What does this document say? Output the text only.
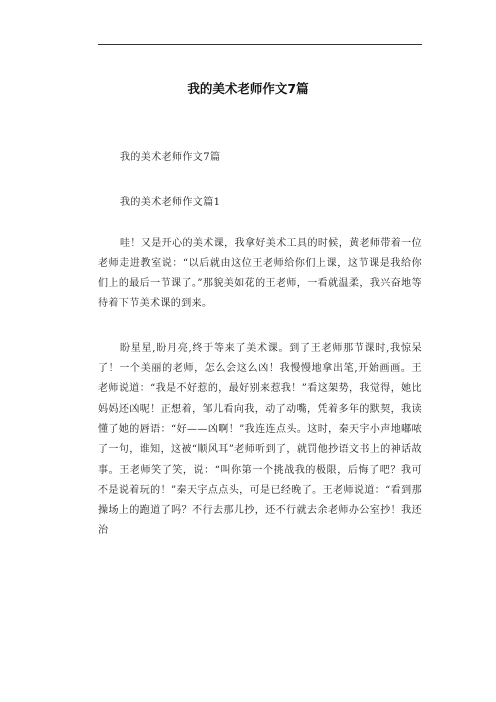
我的美术老师作文7篇

我的美术老师作文7篇

我的美术老师作文篇1

哇！又是开心的美术课，我拿好美术工具的时候，黄老师带着一位老师走进教室说：“以后就由这位王老师给你们上课，这节课是我给你们上的最后一节课了。”那貌美如花的王老师，一看就温柔，我兴奋地等待着下节美术课的到来。

盼星星,盼月亮,终于等来了美术课。到了王老师那节课时,我惊呆了！一个美丽的老师，怎么会这么凶！我慢慢地拿出笔,开始画画。王老师说道：“我是不好惹的，最好别来惹我！”看这架势，我觉得，她比妈妈还凶呢！正想着，邹儿看向我，动了动嘴，凭着多年的默契，我读懂了她的唇语：“好——凶啊！”我连连点头。这时，秦天宇小声地嘟哝了一句，谁知，这被“顺风耳”老师听到了，就罚他抄语文书上的神话故事。王老师笑了笑，说：“叫你第一个挑战我的极限，后悔了吧？我可不是说着玩的！”秦天宇点点头，可是已经晚了。王老师说道：“看到那操场上的跑道了吗？不行去那儿抄，还不行就去余老师办公室抄！我还治
